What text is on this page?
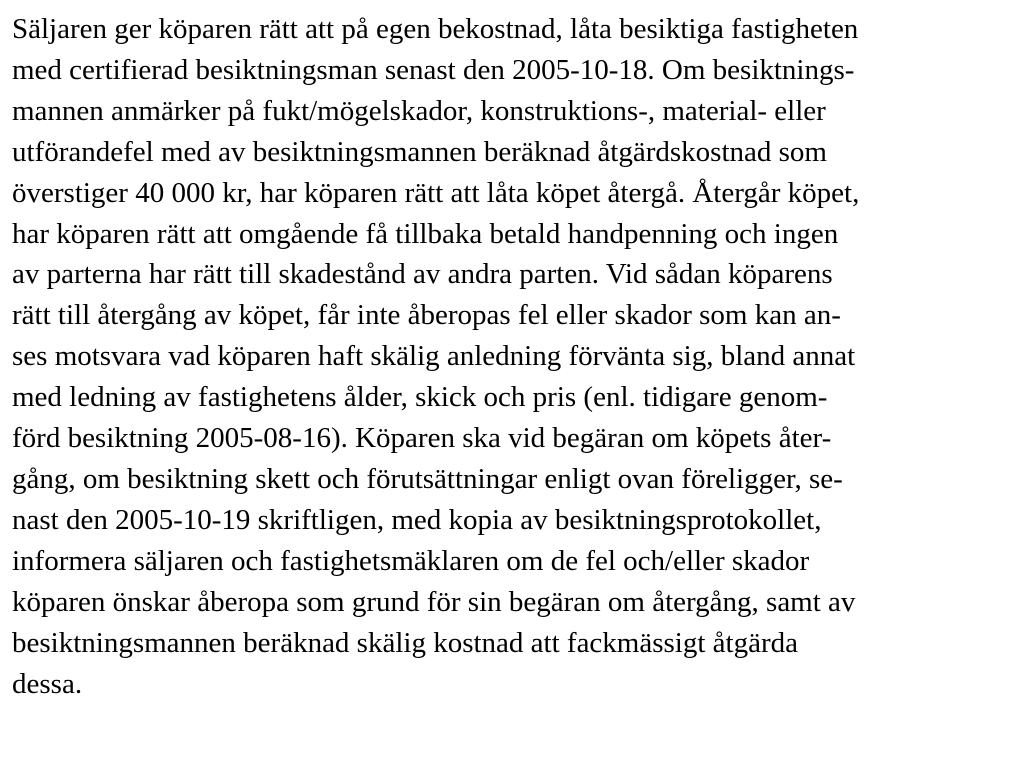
Säljaren ger köparen rätt att på egen bekostnad, låta besiktiga fastigheten
med certifierad besiktningsman senast den 2005-10-18. Om besiktnings-
mannen anmärker på fukt/mögelskador, konstruktions-, material- eller
utförandefel med av besiktningsmannen beräknad åtgärdskostnad som
överstiger 40 000 kr, har köparen rätt att låta köpet återgå. Återgår köpet,
har köparen rätt att omgående få tillbaka betald handpenning och ingen
av parterna har rätt till skadestånd av andra parten. Vid sådan köparens
rätt till återgång av köpet, får inte åberopas fel eller skador som kan an-
ses motsvara vad köparen haft skälig anledning förvänta sig, bland annat
med ledning av fastighetens ålder, skick och pris (enl. tidigare genom-
förd besiktning 2005-08-16). Köparen ska vid begäran om köpets åter-
gång, om besiktning skett och förutsättningar enligt ovan föreligger, se-
nast den 2005-10-19 skriftligen, med kopia av besiktningsprotokollet,
informera säljaren och fastighetsmäklaren om de fel och/eller skador
köparen önskar åberopa som grund för sin begäran om återgång, samt av
besiktningsmannen beräknad skälig kostnad att fackmässigt åtgärda
dessa.
